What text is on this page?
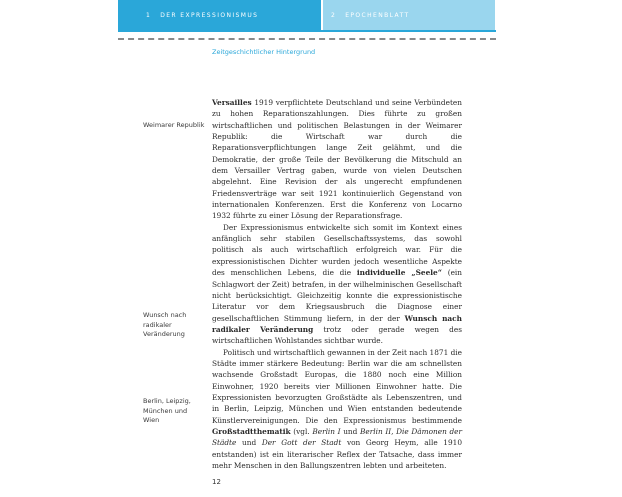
1 DER EXPRESSIONISMUS	2 EPOCHENBLATT
Zeitgeschichtlicher Hintergrund
Weimarer Republik
Wunsch nach radikaler Veränderung
Berlin, Leipzig, München und Wien

Versailles 1919 verpflichtete Deutschland und seine Verbündeten zu hohen Reparationszahlungen. Dies führte zu großen wirtschaftlichen und politischen Belastungen in der Weimarer Republik: die Wirtschaft war durch die Reparationsverpflichtungen lange Zeit gelähmt, und die Demokratie, der große Teile der Bevölkerung die Mitschuld an dem Versailler Vertrag gaben, wurde von vielen Deutschen abgelehnt. Eine Revision der als ungerecht empfundenen Friedensverträge war seit 1921 kontinuierlich Gegenstand von internationalen Konferenzen. Erst die Konferenz von Locarno 1932 führte zu einer Lösung der Reparationsfrage.

Der Expressionismus entwickelte sich somit im Kontext eines anfänglich sehr stabilen Gesellschaftssystems, das sowohl politisch als auch wirtschaftlich erfolgreich war. Für die expressionistischen Dichter wurden jedoch wesentliche Aspekte des menschlichen Lebens, die die individuelle „Seele“ (ein Schlagwort der Zeit) betrafen, in der wilhelminischen Gesellschaft nicht berücksichtigt. Gleichzeitig konnte die expressionistische Literatur vor dem Kriegsausbruch die Diagnose einer gesellschaftlichen Stimmung liefern, in der der Wunsch nach radikaler Veränderung trotz oder gerade wegen des wirtschaftlichen Wohlstandes sichtbar wurde.

Politisch und wirtschaftlich gewannen in der Zeit nach 1871 die Städte immer stärkere Bedeutung: Berlin war die am schnellsten wachsende Großstadt Europas, die 1880 noch eine Million Einwohner, 1920 bereits vier Millionen Einwohner hatte. Die Expressionisten bevorzugten Großstädte als Lebenszentren, und in Berlin, Leipzig, München und Wien entstanden bedeutende Künstlervereinigungen. Die den Expressionismus bestimmende Großstadtthematik (vgl. Berlin I und Berlin II, Die Dämonen der Städte und Der Gott der Stadt von Georg Heym, alle 1910 entstanden) ist ein literarischer Reflex der Tatsache, dass immer mehr Menschen in den Ballungszentren lebten und arbeiteten.

12
